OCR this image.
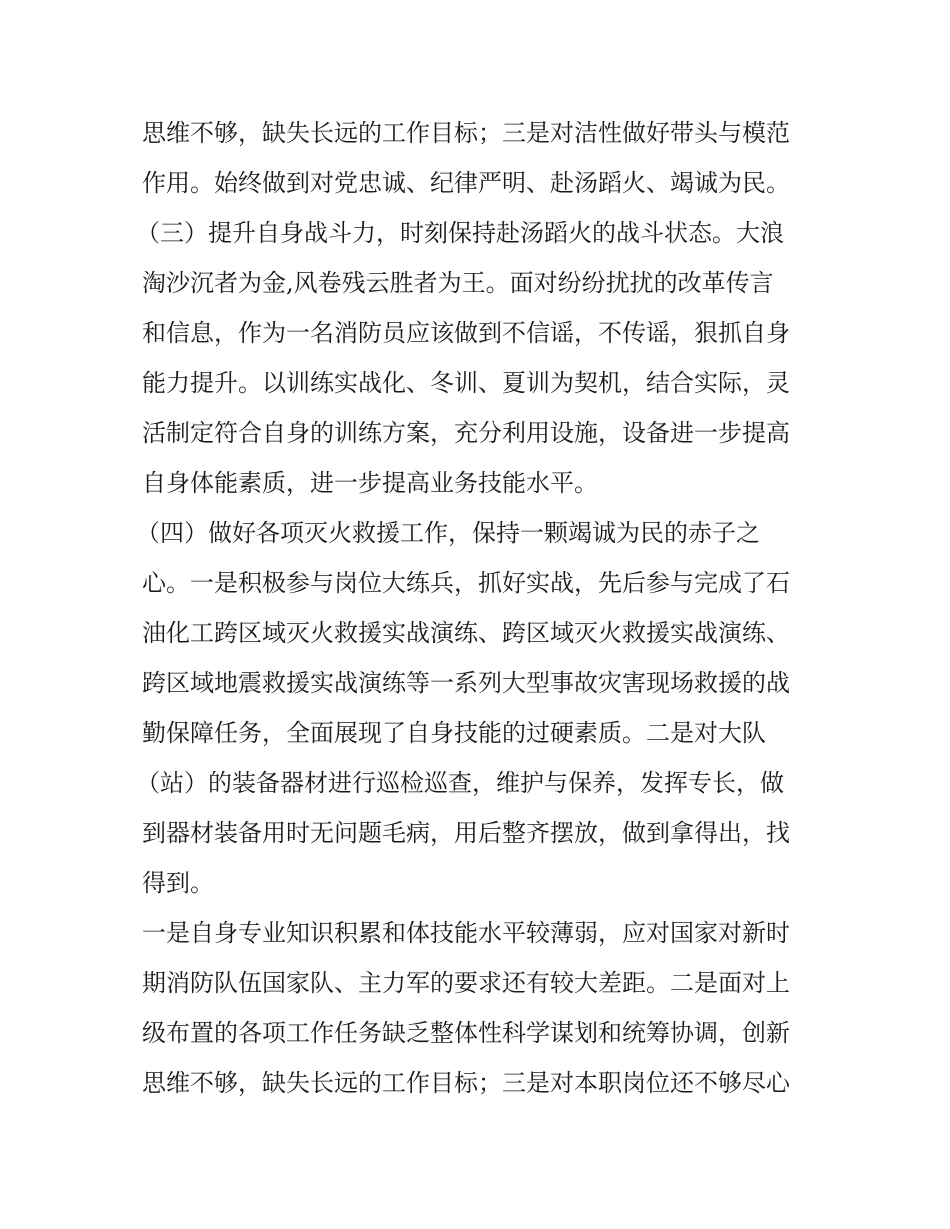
思维不够，缺失长远的工作目标；三是对洁性做好带头与模范
作用。始终做到对党忠诚、纪律严明、赴汤蹈火、竭诚为民。
（三）提升自身战斗力，时刻保持赴汤蹈火的战斗状态。大浪
淘沙沉者为金,风卷残云胜者为王。面对纷纷扰扰的改革传言
和信息，作为一名消防员应该做到不信谣，不传谣，狠抓自身
能力提升。以训练实战化、冬训、夏训为契机，结合实际，灵
活制定符合自身的训练方案，充分利用设施，设备进一步提高
自身体能素质，进一步提高业务技能水平。
（四）做好各项灭火救援工作，保持一颗竭诚为民的赤子之
心。一是积极参与岗位大练兵，抓好实战，先后参与完成了石
油化工跨区域灭火救援实战演练、跨区域灭火救援实战演练、
跨区域地震救援实战演练等一系列大型事故灾害现场救援的战
勤保障任务，全面展现了自身技能的过硬素质。二是对大队
（站）的装备器材进行巡检巡查，维护与保养，发挥专长，做
到器材装备用时无问题毛病，用后整齐摆放，做到拿得出，找
得到。
一是自身专业知识积累和体技能水平较薄弱，应对国家对新时
期消防队伍国家队、主力军的要求还有较大差距。二是面对上
级布置的各项工作任务缺乏整体性科学谋划和统筹协调，创新
思维不够，缺失长远的工作目标；三是对本职岗位还不够尽心
